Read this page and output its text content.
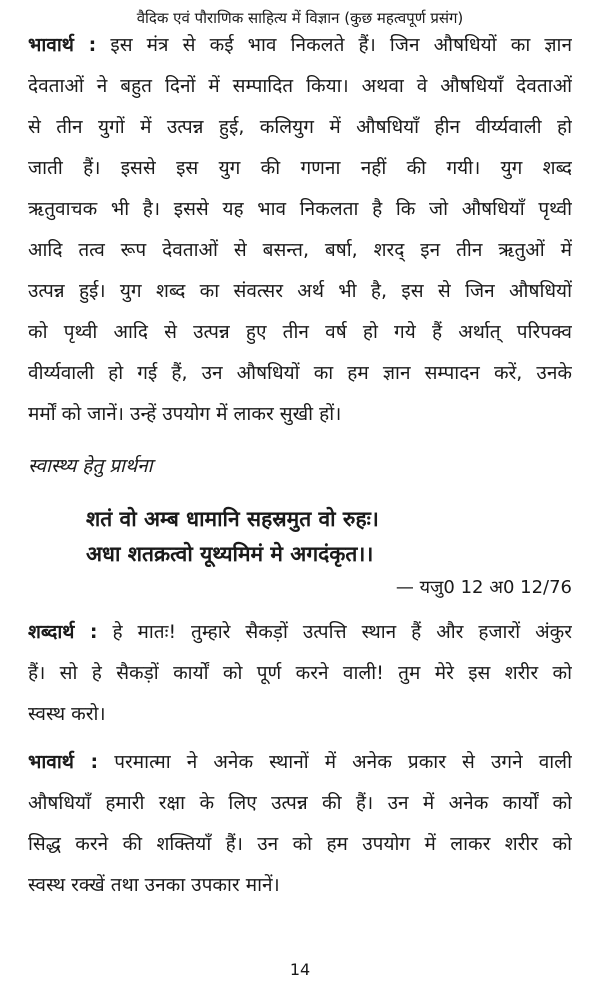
वैदिक एवं पौराणिक साहित्य में विज्ञान (कुछ महत्वपूर्ण प्रसंग)
भावार्थ : इस मंत्र से कई भाव निकलते हैं। जिन औषधियों का ज्ञान
देवताओं ने बहुत दिनों में सम्पादित किया। अथवा वे औषधियाँ देवताओं
से तीन युगों में उत्पन्न हुई, कलियुग में औषधियाँ हीन वीर्य्यवाली हो
जाती हैं। इससे इस युग की गणना नहीं की गयी। युग शब्द
ऋतुवाचक भी है। इससे यह भाव निकलता है कि जो औषधियाँ पृथ्वी
आदि तत्व रूप देवताओं से बसन्त, बर्षा, शरद् इन तीन ऋतुओं में
उत्पन्न हुई। युग शब्द का संवत्सर अर्थ भी है, इस से जिन औषधियों
को पृथ्वी आदि से उत्पन्न हुए तीन वर्ष हो गये हैं अर्थात् परिपक्व
वीर्य्यवाली हो गई हैं, उन औषधियों का हम ज्ञान सम्पादन करें, उनके
मर्मों को जानें। उन्हें उपयोग में लाकर सुखी हों।
स्वास्थ्य हेतु प्रार्थना
शतं वो अम्ब धामानि सहस्रमुत वो रुहः।
अधा शतक्रत्वो यूथ्यमिमं मे अगदंकृत।।
— यजु0 12 अ0 12/76
शब्दार्थ : हे मातः! तुम्हारे सैकड़ों उत्पत्ति स्थान हैं और हजारों अंकुर
हैं। सो हे सैकड़ों कार्यों को पूर्ण करने वाली! तुम मेरे इस शरीर को
स्वस्थ करो।
भावार्थ : परमात्मा ने अनेक स्थानों में अनेक प्रकार से उगने वाली
औषधियाँ हमारी रक्षा के लिए उत्पन्न की हैं। उन में अनेक कार्यों को
सिद्ध करने की शक्तियाँ हैं। उन को हम उपयोग में लाकर शरीर को
स्वस्थ रक्खें तथा उनका उपकार मानें।
14
